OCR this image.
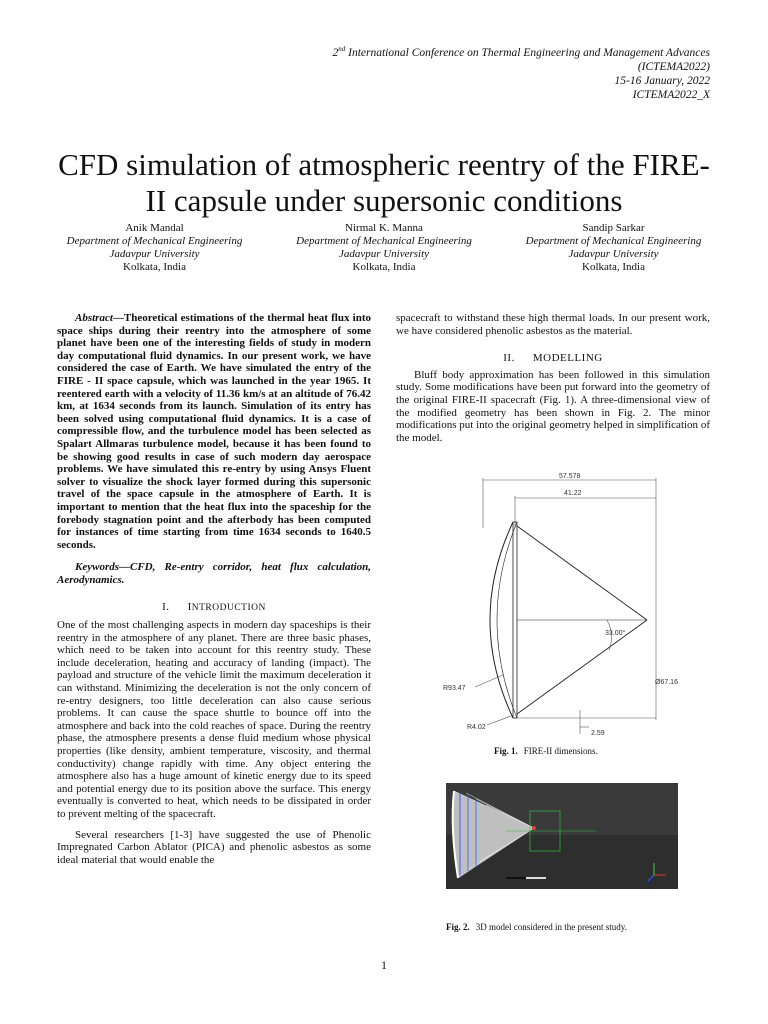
2nd International Conference on Thermal Engineering and Management Advances
(ICTEMA2022)
15-16 January, 2022
ICTEMA2022_X
CFD simulation of atmospheric reentry of the FIRE-
II capsule under supersonic conditions
Anik Mandal
Department of Mechanical Engineering
Jadavpur University
Kolkata, India
Nirmal K. Manna
Department of Mechanical Engineering
Jadavpur University
Kolkata, India
Sandip Sarkar
Department of Mechanical Engineering
Jadavpur University
Kolkata, India

Abstract—Theoretical estimations of the thermal heat flux into space ships during their reentry into the atmosphere of some planet have been one of the interesting fields of study in modern day computational fluid dynamics. In our present work, we have considered the case of Earth. We have simulated the entry of the FIRE - II space capsule, which was launched in the year 1965. It reentered earth with a velocity of 11.36 km/s at an altitude of 76.42 km, at 1634 seconds from its launch. Simulation of its entry has been solved using computational fluid dynamics. It is a case of compressible flow, and the turbulence model has been selected as Spalart Allmaras turbulence model, because it has been found to be showing good results in case of such modern day aerospace problems. We have simulated this re-entry by using Ansys Fluent solver to visualize the shock layer formed during this supersonic travel of the space capsule in the atmosphere of Earth. It is important to mention that the heat flux into the spaceship for the forebody stagnation point and the afterbody has been computed for instances of time starting from time 1634 seconds to 1640.5 seconds.

Keywords—CFD, Re-entry corridor, heat flux calculation, Aerodynamics.

I. INTRODUCTION

One of the most challenging aspects in modern day spaceships is their reentry in the atmosphere of any planet. There are three basic phases, which need to be taken into account for this reentry study. These include deceleration, heating and accuracy of landing (impact). The payload and structure of the vehicle limit the maximum deceleration it can withstand. Minimizing the deceleration is not the only concern of re-entry designers, too little deceleration can also cause serious problems. It can cause the space shuttle to bounce off into the atmosphere and back into the cold reaches of space. During the reentry phase, the atmosphere presents a dense fluid medium whose physical properties (like density, ambient temperature, viscosity, and thermal conductivity) change rapidly with time. Any object entering the atmosphere also has a huge amount of kinetic energy due to its speed and potential energy due to its position above the surface. This energy eventually is converted to heat, which needs to be dissipated in order to prevent melting of the spacecraft.

Several researchers [1-3] have suggested the use of Phenolic Impregnated Carbon Ablator (PICA) and phenolic asbestos as some ideal material that would enable the

spacecraft to withstand these high thermal loads. In our present work, we have considered phenolic asbestos as the material.

II. MODELLING

Bluff body approximation has been followed in this simulation study. Some modifications have been put forward into the geometry of the original FIRE-II spacecraft (Fig. 1). A three-dimensional view of the modified geometry has been shown in Fig. 2. The minor modifications put into the original geometry helped in simplification of the model.

57.578
41.22
33.00°
Ø67.16
R93.47
R4.02
2.59
Fig. 1. FIRE-II dimensions.
Fig. 2. 3D model considered in the present study.
1
